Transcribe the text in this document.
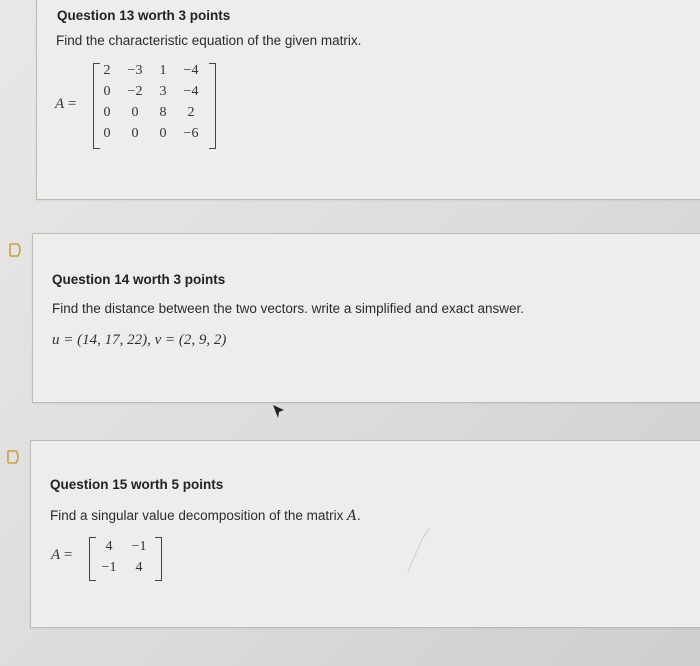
Question 13 worth 3 points
Find the characteristic equation of the given matrix.
A =
2	−3	1	−4
0	−2	3	−4
0	0	8	2
0	0	0	−6
Question 14 worth 3 points
Find the distance between the two vectors. write a simplified and exact answer.
u = (14, 17, 22), v = (2, 9, 2)
Question 15 worth 5 points
Find a singular value decomposition of the matrix A.
A =
4	−1
−1	4
